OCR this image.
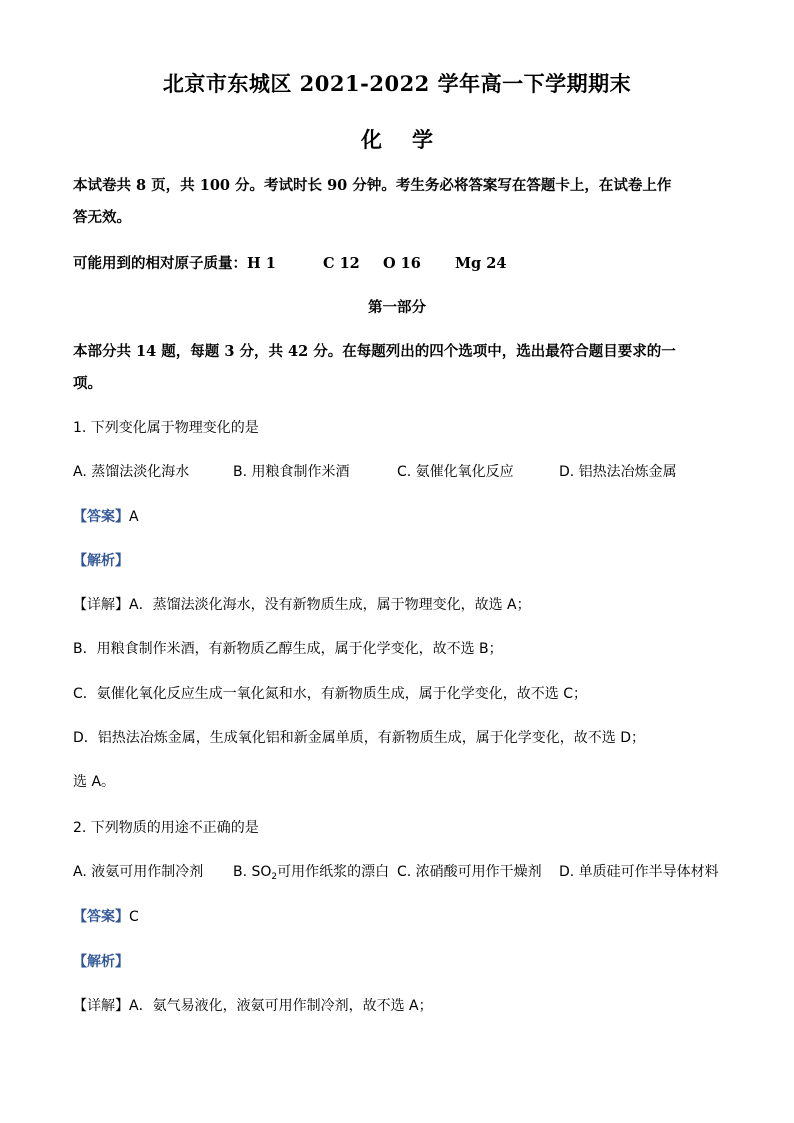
北京市东城区 2021-2022 学年高一下学期期末
化学
本试卷共 8 页，共 100 分。考试时长 90 分钟。考生务必将答案写在答题卡上，在试卷上作
答无效。
可能用到的相对原子质量：H 1	C 12 O 16 Mg 24
第一部分
本部分共 14 题，每题 3 分，共 42 分。在每题列出的四个选项中，选出最符合题目要求的一
项。
1. 下列变化属于物理变化的是
A. 蒸馏法淡化海水	B. 用粮食制作米酒	C. 氨催化氧化反应	D. 铝热法冶炼金属
【答案】A
【解析】
【详解】A．蒸馏法淡化海水，没有新物质生成，属于物理变化，故选 A；
B．用粮食制作米酒，有新物质乙醇生成，属于化学变化，故不选 B；
C．氨催化氧化反应生成一氧化氮和水，有新物质生成，属于化学变化，故不选 C；
D．铝热法冶炼金属，生成氧化铝和新金属单质，有新物质生成，属于化学变化，故不选 D；
选 A。
2. 下列物质的用途不正确的是
A. 液氨可用作制冷剂 B. $SO_2$可用作纸浆的漂白 C. 浓硝酸可用作干燥剂 D. 单质硅可作半导体材料
【答案】C
【解析】
【详解】A．氨气易液化，液氨可用作制冷剂，故不选 A；
